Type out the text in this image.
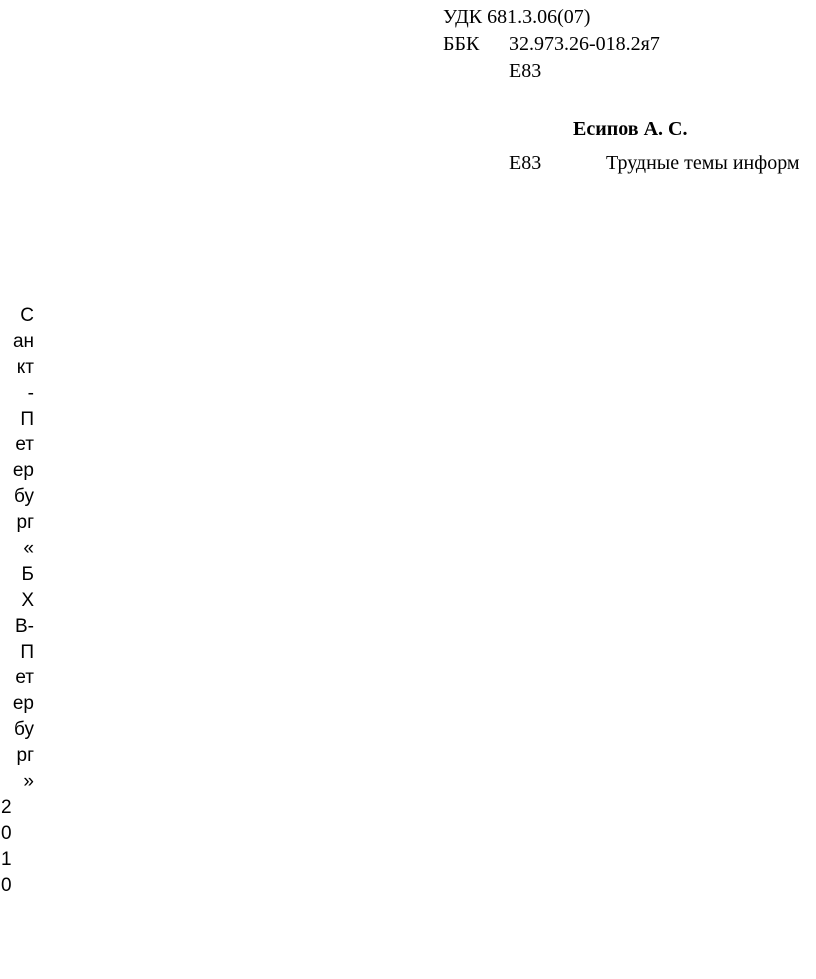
УДК 681.3.06(07)
ББК 32.973.26-018.2я7
Е83
Есипов А. С.
Е83	Трудные темы информ
С
ан
кт
-
П
ет
ер
бу
рг
«
Б
Х
В-
П
ет
ер
бу
рг
»
2
0
1
0
